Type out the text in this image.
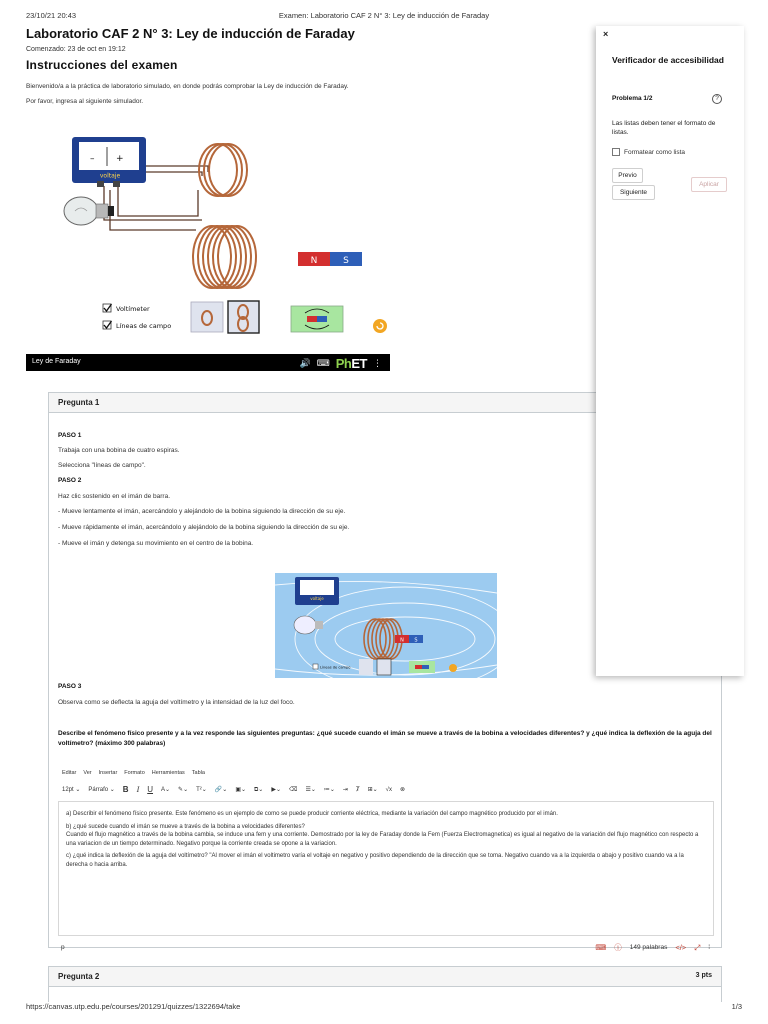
23/10/21 20:43	Examen: Laboratorio CAF 2 N° 3: Ley de inducción de Faraday
Laboratorio CAF 2 N° 3: Ley de inducción de Faraday
Comenzado: 23 de oct en 19:12
Instrucciones del examen
Bienvenido/a a la práctica de laboratorio simulado, en donde podrás comprobar la Ley de inducción de Faraday.
Por favor, ingresa al siguiente simulador.
– +
voltaje
N	S
Voltímeter
Líneas de campo
Ley de Faraday	🔊 ⌨ PhET ⋮
Pregunta 1
PASO 1
Trabaja con una bobina de cuatro espiras.
Selecciona "líneas de campo".
PASO 2
Haz clic sostenido en el imán de barra.
- Mueve lentamente el imán, acercándolo y alejándolo de la bobina siguiendo la dirección de su eje.
- Mueve rápidamente el imán, acercándolo y alejándolo de la bobina siguiendo la dirección de su eje.
- Mueve el imán y detenga su movimiento en el centro de la bobina.
voltaje
N S
Líneas de campo
PASO 3
Observa como se deflecta la aguja del voltímetro y la intensidad de la luz del foco.
Describe el fenómeno físico presente y a la vez responde las siguientes preguntas: ¿qué sucede cuando el imán se mueve a través de la bobina a velocidades diferentes? y ¿qué indica la deflexión de la aguja del voltímetro? (máximo 300 palabras)
Editar Ver Insertar Formato Herramientas Tabla
12pt ⌄ Párrafo ⌄ B I U A⌄ ✎⌄ T²⌄ 🔗⌄ ▣⌄ ⧉⌄ ▶⌄ ⌫ ☰⌄ ≔⌄ ⇥ Ⱦ ⊞⌄ √x ⊗

a) Describir el fenómeno físico presente. Este fenómeno es un ejemplo de como se puede producir corriente eléctrica, mediante la variación del campo magnético producido por el imán.

b) ¿qué sucede cuando el imán se mueve a través de la bobina a velocidades diferentes?

Cuando el flujo magnético a través de la bobina cambia, se induce una fem y una corriente. Demostrado por la ley de Faraday donde la Fem (Fuerza Electromagnetica) es igual al negativo de la variación del flujo magnético con respecto a una variacion de un tiempo determinado. Negativo porque la corriente creada se opone a la variacion.

c) ¿qué indica la deflexión de la aguja del voltímetro? "Al mover el imán el voltimetro varía el voltaje en negativo y positivo dependiendo de la dirección que se toma. Negativo cuando va a la izquierda o abajo y positivo cuando va a la derecha o hacia arriba.

p	⌨ ⓘ 149 palabras </> ⤢ ⁞
Pregunta 2	3 pts
×
Verificador de accesibilidad
Problema 1/2	?
Las listas deben tener el formato de listas.
Formatear como lista
Previo
Siguiente
Aplicar
https://canvas.utp.edu.pe/courses/201291/quizzes/1322694/take	1/3
